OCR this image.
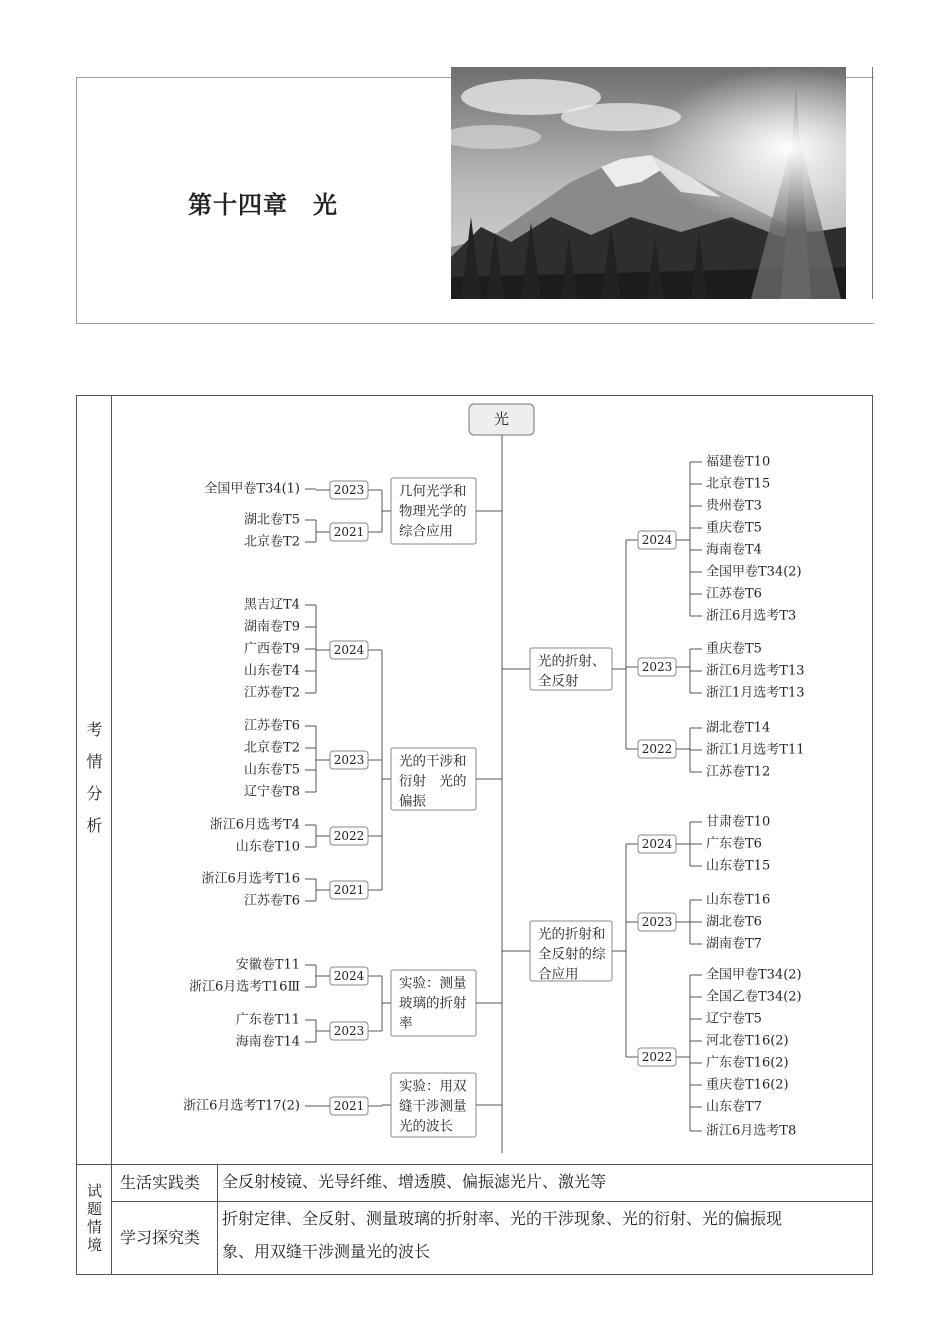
第十四章　光
考
情
分
析
光
几何光学和
物理光学的
综合应用
2023
全国甲卷T34(1)
2021
湖北卷T5
北京卷T2
光的干涉和
衍射　光的
偏振
2024
黑吉辽T4
湖南卷T9
广西卷T9
山东卷T4
江苏卷T2
2023
江苏卷T6
北京卷T2
山东卷T5
辽宁卷T8
2022
浙江6月选考T4
山东卷T10
2021
浙江6月选考T16
江苏卷T6
实验：测量
玻璃的折射
率
2024
安徽卷T11
浙江6月选考T16Ⅲ
2023
广东卷T11
海南卷T14
实验：用双
缝干涉测量
光的波长
2021
浙江6月选考T17(2)
光的折射、
全反射
2024
福建卷T10
北京卷T15
贵州卷T3
重庆卷T5
海南卷T4
全国甲卷T34(2)
江苏卷T6
浙江6月选考T3
2023
重庆卷T5
浙江6月选考T13
浙江1月选考T13
2022
湖北卷T14
浙江1月选考T11
江苏卷T12
光的折射和
全反射的综
合应用
2024
甘肃卷T10
广东卷T6
山东卷T15
2023
山东卷T16
湖北卷T6
湖南卷T7
2022
全国甲卷T34(2)
全国乙卷T34(2)
辽宁卷T5
河北卷T16(2)
广东卷T16(2)
重庆卷T16(2)
山东卷T7
浙江6月选考T8
试
题
情
境
生活实践类 全反射棱镜、光导纤维、增透膜、偏振滤光片、激光等
学习探究类
折射定律、全反射、测量玻璃的折射率、光的干涉现象、光的衍射、光的偏振现
象、用双缝干涉测量光的波长
